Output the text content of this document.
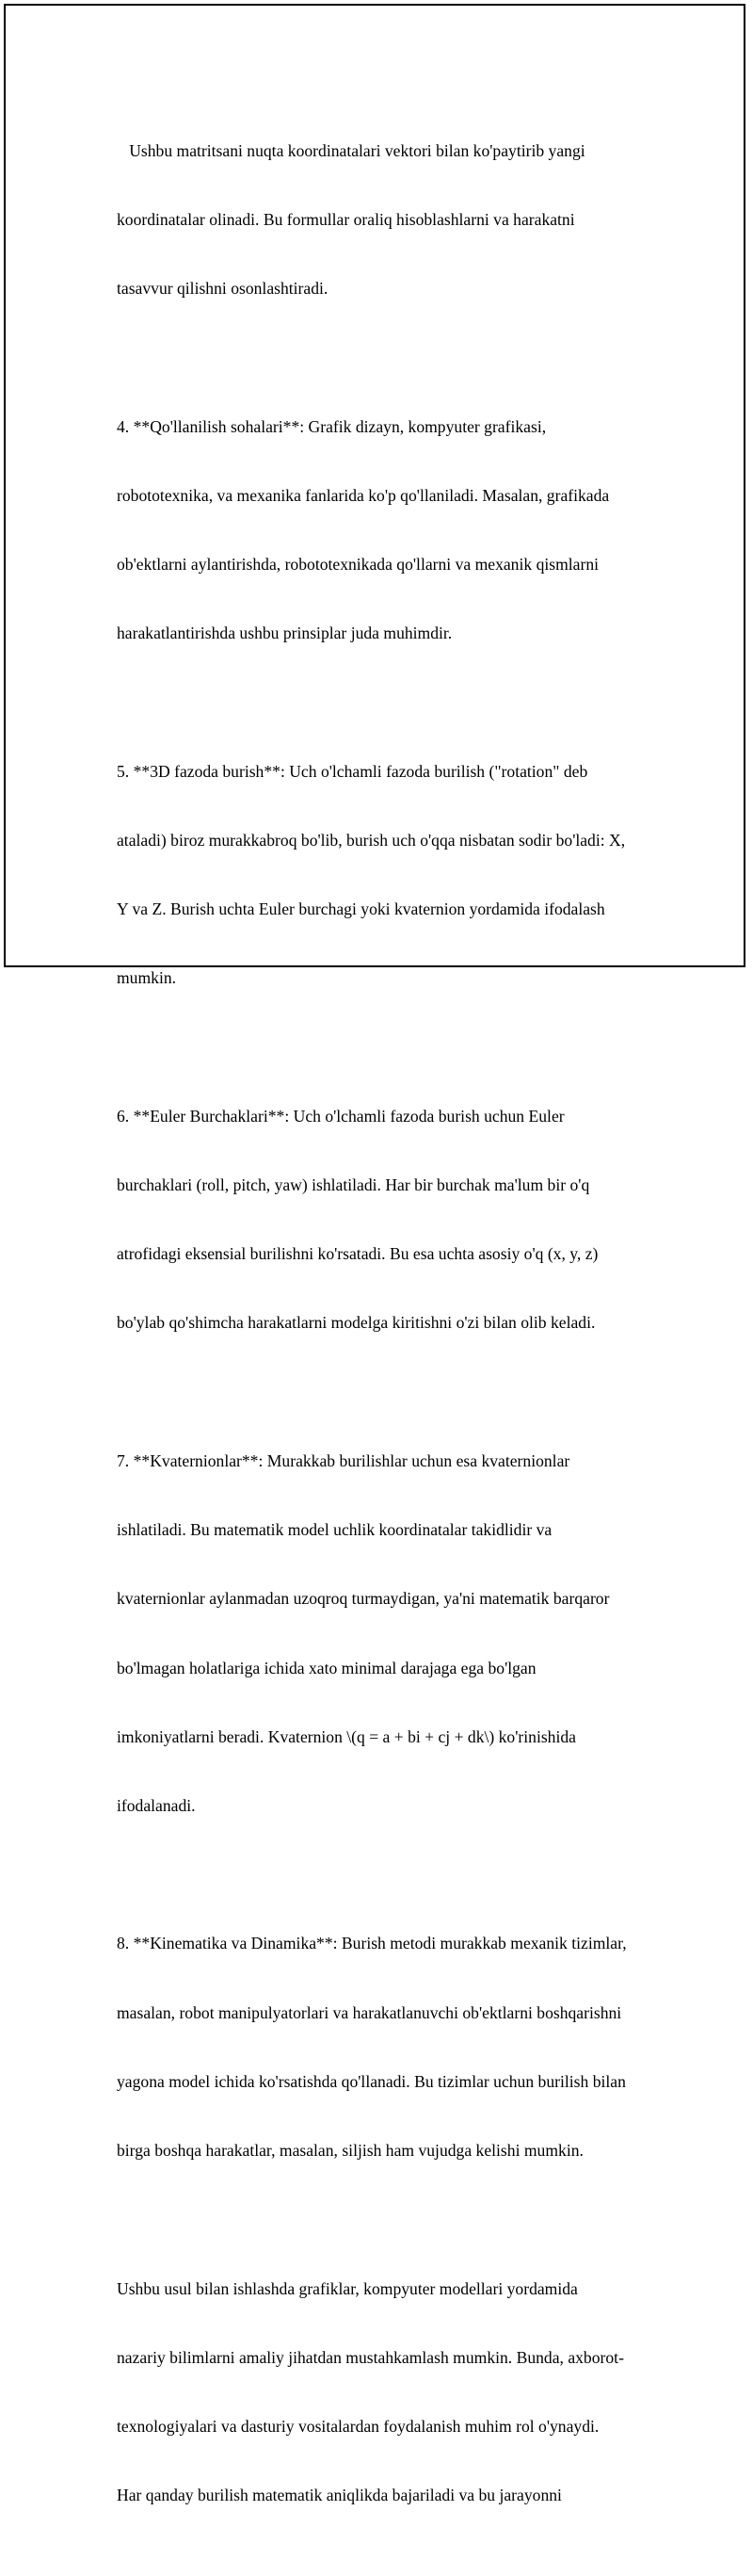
Ushbu matritsani nuqta koordinatalari vektori bilan ko'paytirib yangi

koordinatalar olinadi. Bu formullar oraliq hisoblashlarni va harakatni

tasavvur qilishni osonlashtiradi.

4. **Qo'llanilish sohalari**: Grafik dizayn, kompyuter grafikasi,

robototexnika, va mexanika fanlarida ko'p qo'llaniladi. Masalan, grafikada

ob'ektlarni aylantirishda, robototexnikada qo'llarni va mexanik qismlarni

harakatlantirishda ushbu prinsiplar juda muhimdir.

5. **3D fazoda burish**: Uch o'lchamli fazoda burilish ("rotation" deb

ataladi) biroz murakkabroq bo'lib, burish uch o'qqa nisbatan sodir bo'ladi: X,

Y va Z. Burish uchta Euler burchagi yoki kvaternion yordamida ifodalash

mumkin.

6. **Euler Burchaklari**: Uch o'lchamli fazoda burish uchun Euler

burchaklari (roll, pitch, yaw) ishlatiladi. Har bir burchak ma'lum bir o'q

atrofidagi eksensial burilishni ko'rsatadi. Bu esa uchta asosiy o'q (x, y, z)

bo'ylab qo'shimcha harakatlarni modelga kiritishni o'zi bilan olib keladi.

7. **Kvaternionlar**: Murakkab burilishlar uchun esa kvaternionlar

ishlatiladi. Bu matematik model uchlik koordinatalar takidlidir va

kvaternionlar aylanmadan uzoqroq turmaydigan, ya'ni matematik barqaror

bo'lmagan holatlariga ichida xato minimal darajaga ega bo'lgan

imkoniyatlarni beradi. Kvaternion \(q = a + bi + cj + dk\) ko'rinishida

ifodalanadi.

8. **Kinematika va Dinamika**: Burish metodi murakkab mexanik tizimlar,

masalan, robot manipulyatorlari va harakatlanuvchi ob'ektlarni boshqarishni

yagona model ichida ko'rsatishda qo'llanadi. Bu tizimlar uchun burilish bilan

birga boshqa harakatlar, masalan, siljish ham vujudga kelishi mumkin.

Ushbu usul bilan ishlashda grafiklar, kompyuter modellari yordamida

nazariy bilimlarni amaliy jihatdan mustahkamlash mumkin. Bunda, axborot-

texnologiyalari va dasturiy vositalardan foydalanish muhim rol o'ynaydi.

Har qanday burilish matematik aniqlikda bajariladi va bu jarayonni
